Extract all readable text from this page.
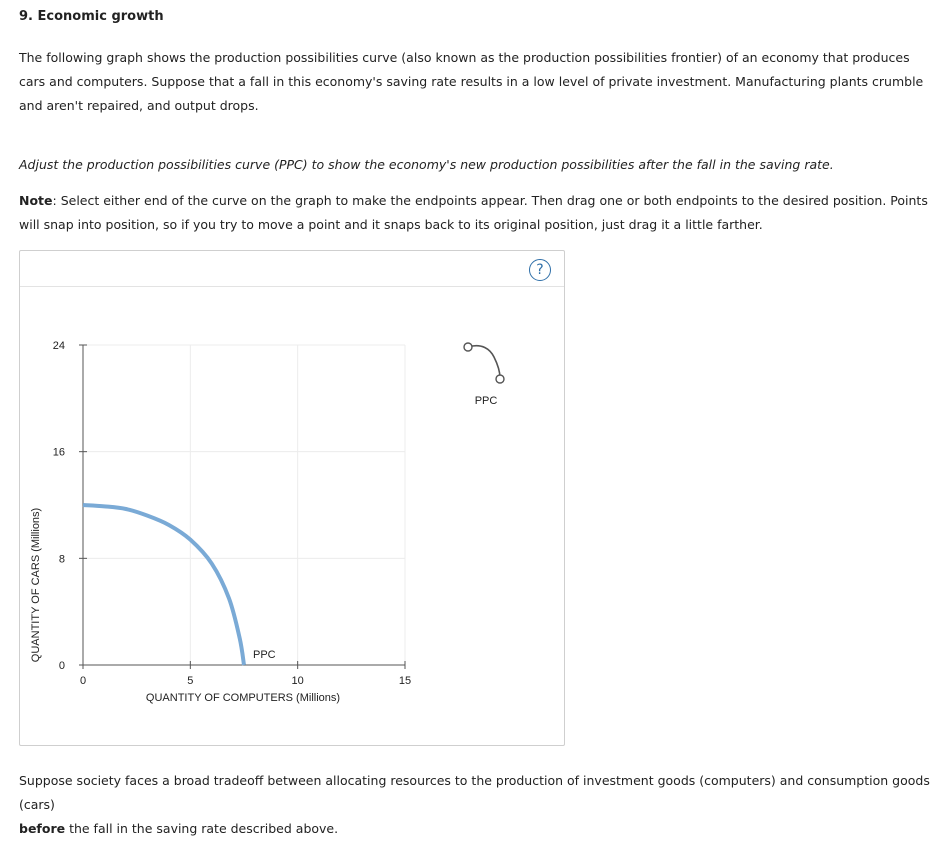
9. Economic growth

The following graph shows the production possibilities curve (also known as the production possibilities frontier) of an economy that produces cars and computers. Suppose that a fall in this economy's saving rate results in a low level of private investment. Manufacturing plants crumble and aren't repaired, and output drops.

Adjust the production possibilities curve (PPC) to show the economy's new production possibilities after the fall in the saving rate.

Note: Select either end of the curve on the graph to make the endpoints appear. Then drag one or both endpoints to the desired position. Points will snap into position, so if you try to move a point and it snaps back to its original position, just drag it a little farther.

?
0	5	10	15
0
8
16
24
PPC
QUANTITY OF COMPUTERS (Millions)
QUANTITY OF CARS (Millions)
PPC

Suppose society faces a broad tradeoff between allocating resources to the production of investment goods (computers) and consumption goods (cars)
before the fall in the saving rate described above.
